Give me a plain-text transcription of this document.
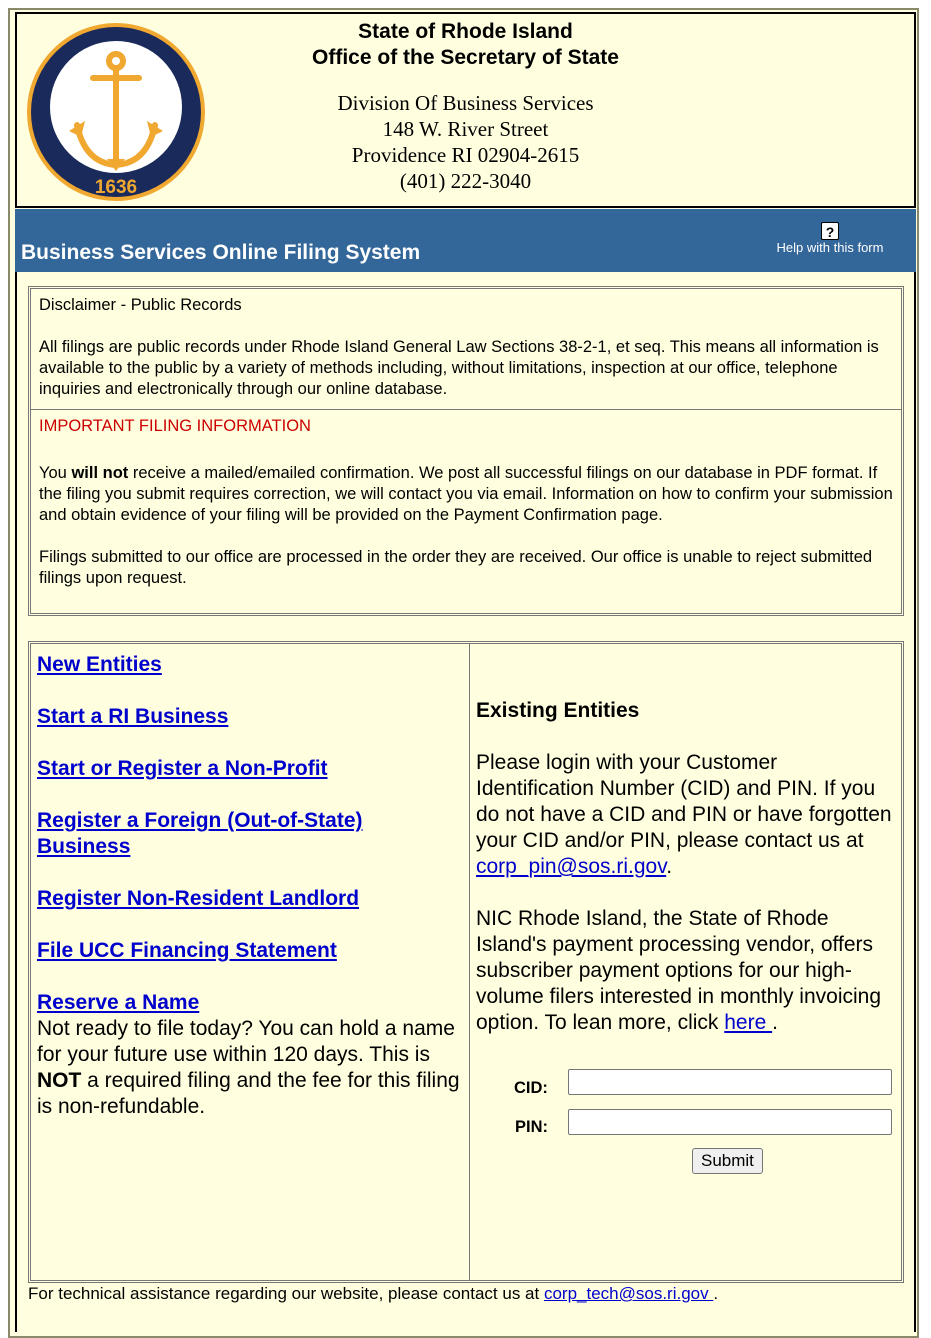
1636
State of Rhode Island
Office of the Secretary of State
Division Of Business Services
148 W. River Street
Providence RI 02904-2615
(401) 222-3040
Business Services Online Filing System
?
Help with this form
Disclaimer - Public Records
All filings are public records under Rhode Island General Law Sections 38-2-1, et seq. This means all information is available to the public by a variety of methods including, without limitations, inspection at our office, telephone inquiries and electronically through our online database.
IMPORTANT FILING INFORMATION
You will not receive a mailed/emailed confirmation. We post all successful filings on our database in PDF format. If the filing you submit requires correction, we will contact you via email. Information on how to confirm your submission and obtain evidence of your filing will be provided on the Payment Confirmation page.
Filings submitted to our office are processed in the order they are received. Our office is unable to reject submitted filings upon request.
New Entities

Start a RI Business

Start or Register a Non-Profit

Register a Foreign (Out-of-State) Business

Register Non-Resident Landlord

File UCC Financing Statement

Reserve a Name
Not ready to file today? You can hold a name for your future use within 120 days. This is NOT a required filing and the fee for this filing is non-refundable.
Existing Entities

Please login with your Customer Identification Number (CID) and PIN. If you do not have a CID and PIN or have forgotten your CID and/or PIN, please contact us at corp_pin@sos.ri.gov.

NIC Rhode Island, the State of Rhode Island's payment processing vendor, offers subscriber payment options for our high-volume filers interested in monthly invoicing option. To lean more, click here .
CID:
PIN:
Submit
For technical assistance regarding our website, please contact us at corp_tech@sos.ri.gov .
